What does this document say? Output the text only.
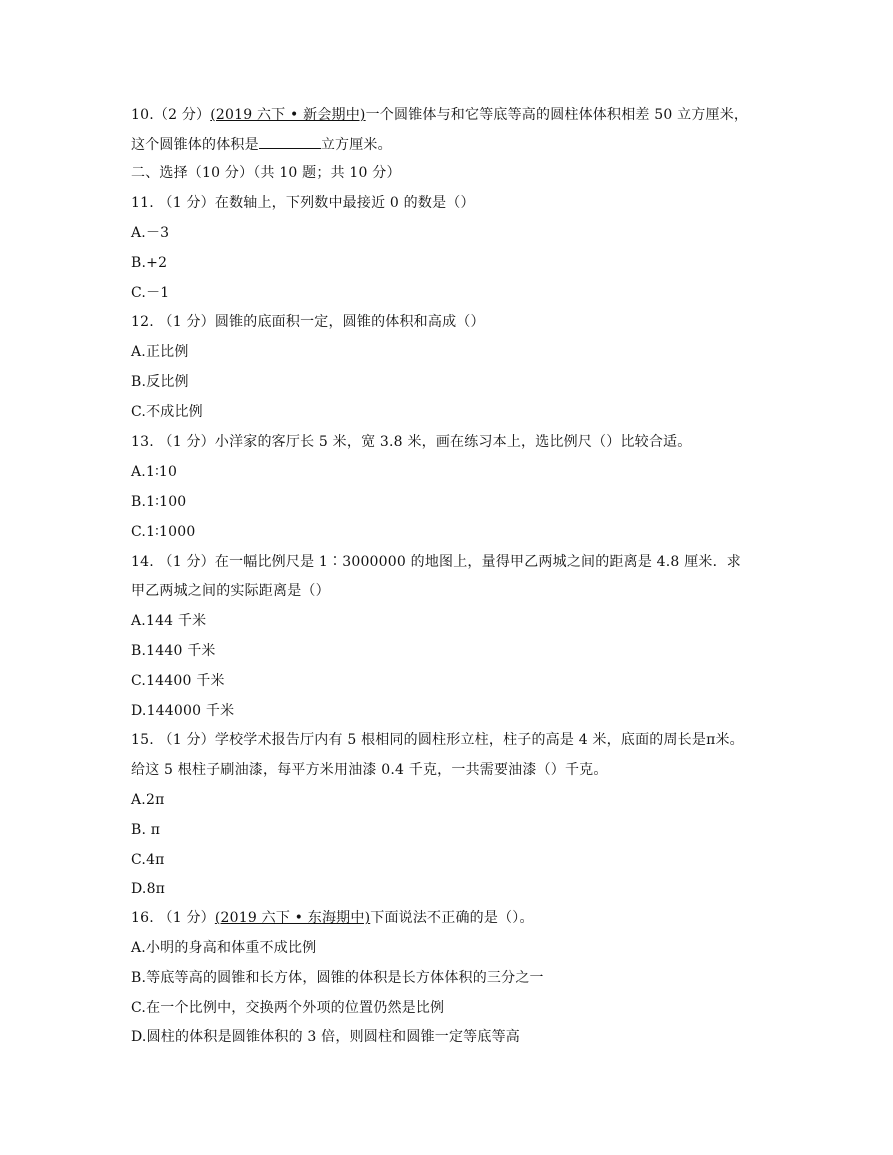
10.（2 分）(2019 六下 • 新会期中)一个圆锥体与和它等底等高的圆柱体体积相差 50 立方厘米，
这个圆锥体的体积是	立方厘米。
二、选择（10 分）（共 10 题；共 10 分）
11. （1 分）在数轴上，下列数中最接近 0 的数是（）
A.－3
B.+2
C.－1
12. （1 分）圆锥的底面积一定，圆锥的体积和高成（）
A.正比例
B.反比例
C.不成比例
13. （1 分）小洋家的客厅长 5 米，宽 3.8 米，画在练习本上，选比例尺（）比较合适。
A.1∶10
B.1∶100
C.1∶1000
14. （1 分）在一幅比例尺是 1∶3000000 的地图上，量得甲乙两城之间的距离是 4.8 厘米．求
甲乙两城之间的实际距离是（）
A.144 千米
B.1440 千米
C.14400 千米
D.144000 千米
15. （1 分）学校学术报告厅内有 5 根相同的圆柱形立柱，柱子的高是 4 米，底面的周长是π米。
给这 5 根柱子刷油漆，每平方米用油漆 0.4 千克，一共需要油漆（）千克。
A.2π
B. π
C.4π
D.8π
16. （1 分）(2019 六下 • 东海期中)下面说法不正确的是（）。
A.小明的身高和体重不成比例
B.等底等高的圆锥和长方体，圆锥的体积是长方体体积的三分之一
C.在一个比例中，交换两个外项的位置仍然是比例
D.圆柱的体积是圆锥体积的 3 倍，则圆柱和圆锥一定等底等高
